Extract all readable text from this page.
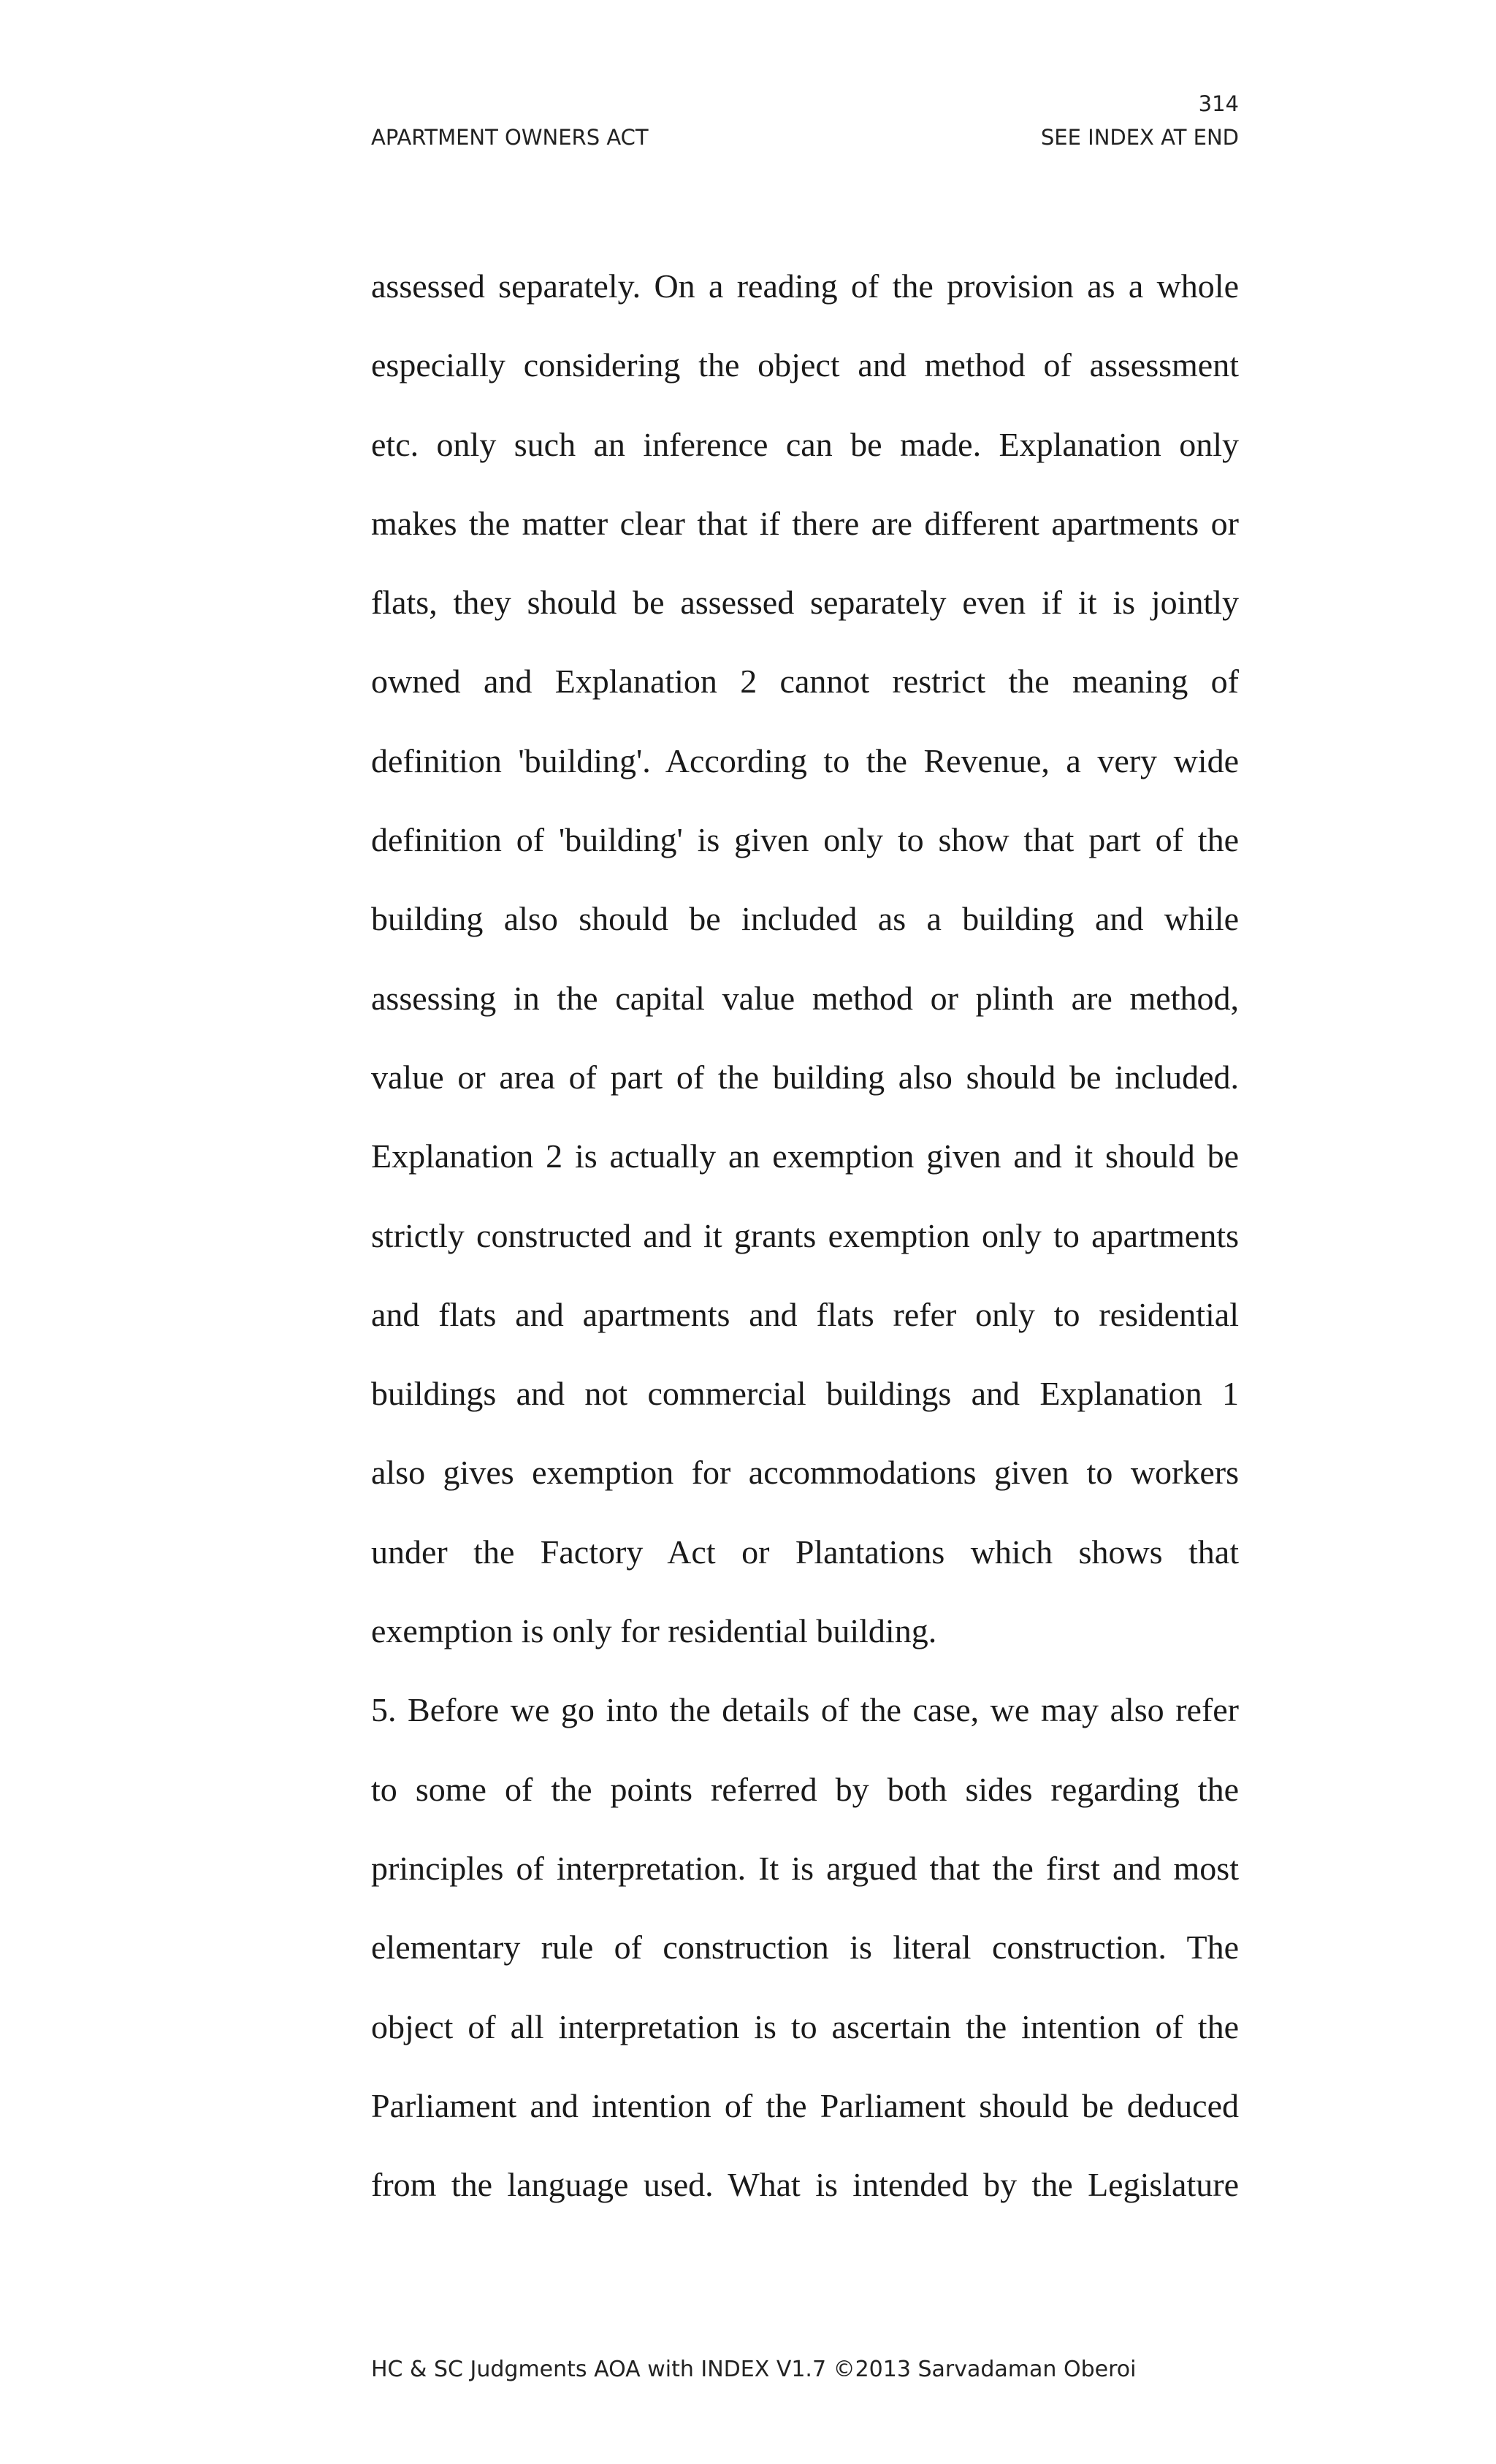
314
APARTMENT OWNERS ACT	SEE INDEX AT END
assessed separately. On a reading of the provision as a whole
especially considering the object and method of assessment
etc. only such an inference can be made. Explanation only
makes the matter clear that if there are different apartments or
flats, they should be assessed separately even if it is jointly
owned and Explanation 2 cannot restrict the meaning of
definition 'building'. According to the Revenue, a very wide
definition of 'building' is given only to show that part of the
building also should be included as a building and while
assessing in the capital value method or plinth are method,
value or area of part of the building also should be included.
Explanation 2 is actually an exemption given and it should be
strictly constructed and it grants exemption only to apartments
and flats and apartments and flats refer only to residential
buildings and not commercial buildings and Explanation 1
also gives exemption for accommodations given to workers
under the Factory Act or Plantations which shows that
exemption is only for residential building.
5. Before we go into the details of the case, we may also refer
to some of the points referred by both sides regarding the
principles of interpretation. It is argued that the first and most
elementary rule of construction is literal construction. The
object of all interpretation is to ascertain the intention of the
Parliament and intention of the Parliament should be deduced
from the language used. What is intended by the Legislature
HC & SC Judgments AOA with INDEX V1.7 ©2013 Sarvadaman Oberoi
